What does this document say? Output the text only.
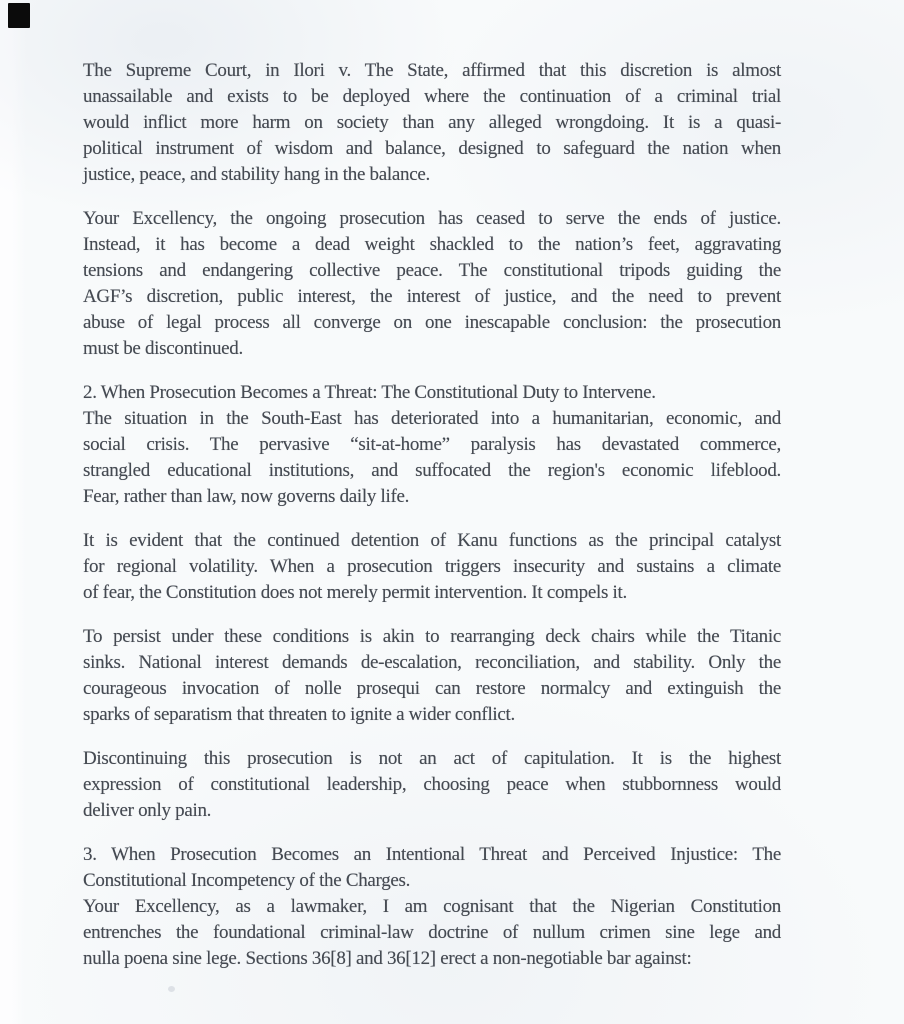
The Supreme Court, in Ilori v. The State, affirmed that this discretion is almost
unassailable and exists to be deployed where the continuation of a criminal trial
would inflict more harm on society than any alleged wrongdoing. It is a quasi-
political instrument of wisdom and balance, designed to safeguard the nation when
justice, peace, and stability hang in the balance.
Your Excellency, the ongoing prosecution has ceased to serve the ends of justice.
Instead, it has become a dead weight shackled to the nation’s feet, aggravating
tensions and endangering collective peace. The constitutional tripods guiding the
AGF’s discretion, public interest, the interest of justice, and the need to prevent
abuse of legal process all converge on one inescapable conclusion: the prosecution
must be discontinued.
2. When Prosecution Becomes a Threat: The Constitutional Duty to Intervene.
The situation in the South-East has deteriorated into a humanitarian, economic, and
social crisis. The pervasive “sit-at-home” paralysis has devastated commerce,
strangled educational institutions, and suffocated the region's economic lifeblood.
Fear, rather than law, now governs daily life.
It is evident that the continued detention of Kanu functions as the principal catalyst
for regional volatility. When a prosecution triggers insecurity and sustains a climate
of fear, the Constitution does not merely permit intervention. It compels it.
To persist under these conditions is akin to rearranging deck chairs while the Titanic
sinks. National interest demands de-escalation, reconciliation, and stability. Only the
courageous invocation of nolle prosequi can restore normalcy and extinguish the
sparks of separatism that threaten to ignite a wider conflict.
Discontinuing this prosecution is not an act of capitulation. It is the highest
expression of constitutional leadership, choosing peace when stubbornness would
deliver only pain.
3. When Prosecution Becomes an Intentional Threat and Perceived Injustice: The
Constitutional Incompetency of the Charges.
Your Excellency, as a lawmaker, I am cognisant that the Nigerian Constitution
entrenches the foundational criminal-law doctrine of nullum crimen sine lege and
nulla poena sine lege. Sections 36[8] and 36[12] erect a non-negotiable bar against:
